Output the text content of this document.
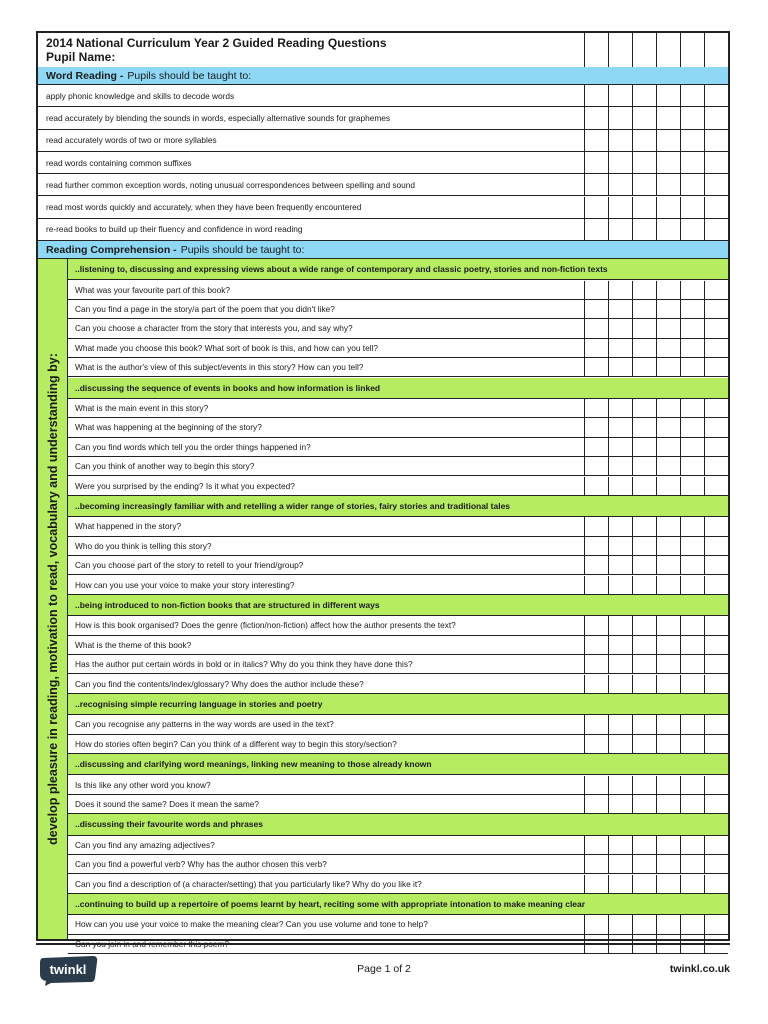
2014 National Curriculum Year 2 Guided Reading Questions
Pupil Name:
Word Reading - Pupils should be taught to:
apply phonic knowledge and skills to decode words
read accurately by blending the sounds in words, especially alternative sounds for graphemes
read accurately words of two or more syllables
read words containing common suffixes
read further common exception words, noting unusual correspondences between spelling and sound
read most words quickly and accurately, when they have been frequently encountered
re-read books to build up their fluency and confidence in word reading
Reading Comprehension - Pupils should be taught to:
..listening to, discussing and expressing views about a wide range of contemporary and classic poetry, stories and non-fiction texts
What was your favourite part of this book?
Can you find a page in the story/a part of the poem that you didn't like?
Can you choose a character from the story that interests you, and say why?
What made you choose this book? What sort of book is this, and how can you tell?
What is the author's view of this subject/events in this story? How can you tell?
..discussing the sequence of events in books and how information is linked
What is the main event in this story?
What was happening at the beginning of the story?
Can you find words which tell you the order things happened in?
Can you think of another way to begin this story?
Were you surprised by the ending? Is it what you expected?
..becoming increasingly familiar with and retelling a wider range of stories, fairy stories and traditional tales
What happened in the story?
Who do you think is telling this story?
Can you choose part of the story to retell to your friend/group?
How can you use your voice to make your story interesting?
..being introduced to non-fiction books that are structured in different ways
How is this book organised? Does the genre (fiction/non-fiction) affect how the author presents the text?
What is the theme of this book?
Has the author put certain words in bold or in italics? Why do you think they have done this?
Can you find the contents/index/glossary? Why does the author include these?
..recognising simple recurring language in stories and poetry
Can you recognise any patterns in the way words are used in the text?
How do stories often begin? Can you think of a different way to begin this story/section?
..discussing and clarifying word meanings, linking new meaning to those already known
Is this like any other word you know?
Does it sound the same? Does it mean the same?
..discussing their favourite words and phrases
Can you find any amazing adjectives?
Can you find a powerful verb? Why has the author chosen this verb?
Can you find a description of (a character/setting) that you particularly like? Why do you like it?
..continuing to build up a repertoire of poems learnt by heart, reciting some with appropriate intonation to make meaning clear
How can you use your voice to make the meaning clear? Can you use volume and tone to help?
develop pleasure in reading, motivation to read, vocabulary and understanding by:
twinkl	Page 1 of 2	twinkl.co.uk
